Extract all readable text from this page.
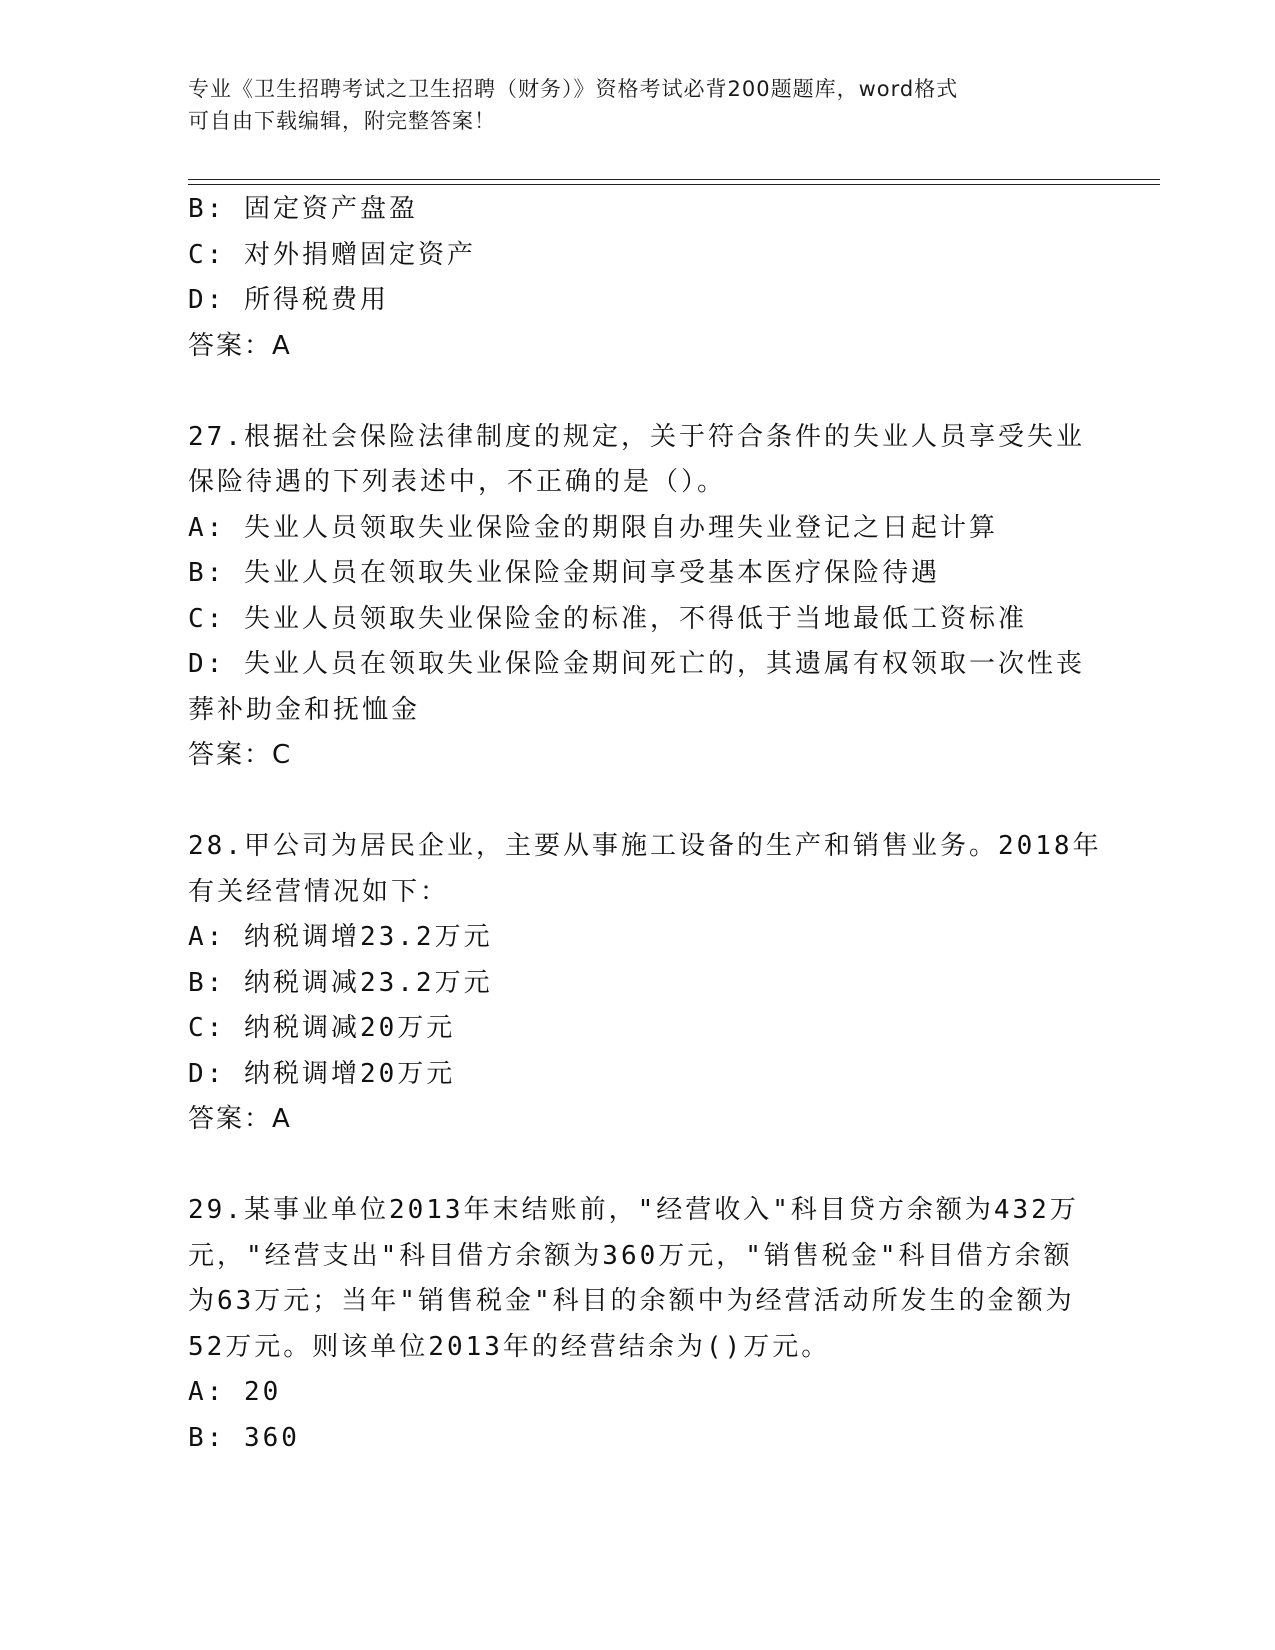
专业《卫生招聘考试之卫生招聘（财务）》资格考试必背200题题库，word格式
可自由下载编辑，附完整答案！
B: 固定资产盘盈
C: 对外捐赠固定资产
D: 所得税费用
答案：A
27.根据社会保险法律制度的规定，关于符合条件的失业人员享受失业
保险待遇的下列表述中，不正确的是（）。
A: 失业人员领取失业保险金的期限自办理失业登记之日起计算
B: 失业人员在领取失业保险金期间享受基本医疗保险待遇
C: 失业人员领取失业保险金的标准，不得低于当地最低工资标准
D: 失业人员在领取失业保险金期间死亡的，其遗属有权领取一次性丧
葬补助金和抚恤金
答案：C
28.甲公司为居民企业，主要从事施工设备的生产和销售业务。2018年
有关经营情况如下：
A: 纳税调增23.2万元
B: 纳税调减23.2万元
C: 纳税调减20万元
D: 纳税调增20万元
答案：A
29.某事业单位2013年末结账前，"经营收入"科目贷方余额为432万
元，"经营支出"科目借方余额为360万元，"销售税金"科目借方余额
为63万元；当年"销售税金"科目的余额中为经营活动所发生的金额为
52万元。则该单位2013年的经营结余为()万元。
A: 20
B: 360
